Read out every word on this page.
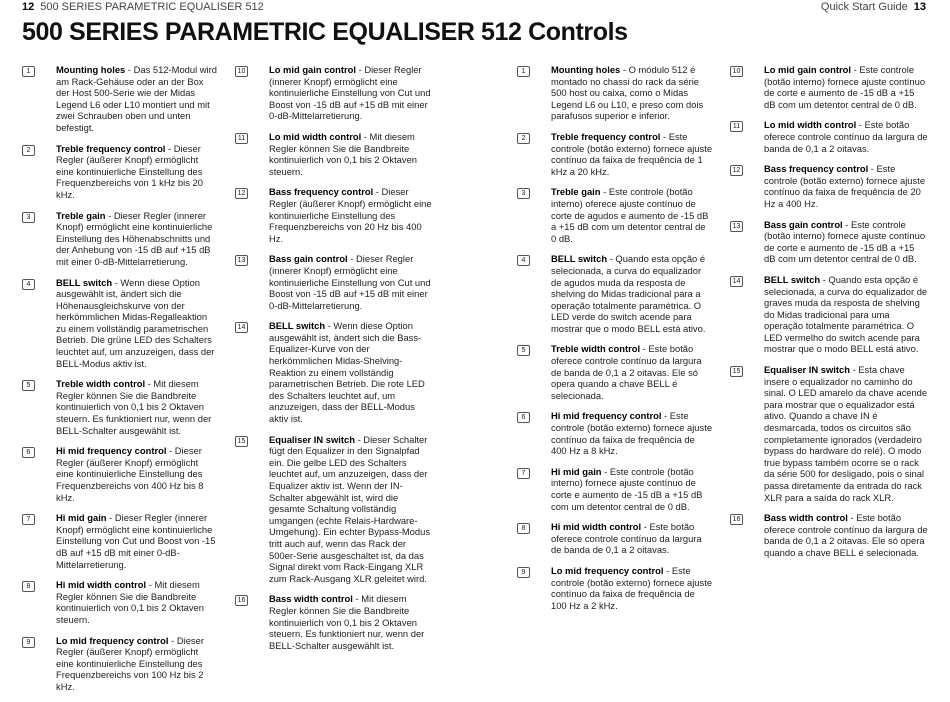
12 500 SERIES PARAMETRIC EQUALISER 512	Quick Start Guide 13
500 SERIES PARAMETRIC EQUALISER 512 Controls
1	Mounting holes - Das 512-Modul wird am Rack-Gehäuse oder an der Box der Host 500-Serie wie der Midas Legend L6 oder L10 montiert und mit zwei Schrauben oben und unten befestigt.
2	Treble frequency control - Dieser Regler (äußerer Knopf) ermöglicht eine kontinuierliche Einstellung des Frequenzbereichs von 1 kHz bis 20 kHz.
3	Treble gain - Dieser Regler (innerer Knopf) ermöglicht eine kontinuierliche Einstellung des Höhenabschnitts und der Anhebung von -15 dB auf +15 dB mit einer 0-dB-Mittelarretierung.
4	BELL switch - Wenn diese Option ausgewählt ist, ändert sich die Höhenausgleichskurve von der herkömmlichen Midas-Regalleaktion zu einem vollständig parametrischen Betrieb. Die grüne LED des Schalters leuchtet auf, um anzuzeigen, dass der BELL-Modus aktiv ist.
5	Treble width control - Mit diesem Regler können Sie die Bandbreite kontinuierlich von 0,1 bis 2 Oktaven steuern. Es funktioniert nur, wenn der BELL-Schalter ausgewählt ist.
6	Hi mid frequency control - Dieser Regler (äußerer Knopf) ermöglicht eine kontinuierliche Einstellung des Frequenzbereichs von 400 Hz bis 8 kHz.
7	Hi mid gain - Dieser Regler (innerer Knopf) ermöglicht eine kontinuierliche Einstellung von Cut und Boost von -15 dB auf +15 dB mit einer 0-dB-Mittelarretierung.
8	Hi mid width control - Mit diesem Regler können Sie die Bandbreite kontinuierlich von 0,1 bis 2 Oktaven steuern.
9	Lo mid frequency control - Dieser Regler (äußerer Knopf) ermöglicht eine kontinuierliche Einstellung des Frequenzbereichs von 100 Hz bis 2 kHz.
10	Lo mid gain control - Dieser Regler (innerer Knopf) ermöglicht eine kontinuierliche Einstellung von Cut und Boost von -15 dB auf +15 dB mit einer 0-dB-Mittelarretierung.
11	Lo mid width control - Mit diesem Regler können Sie die Bandbreite kontinuierlich von 0,1 bis 2 Oktaven steuern.
12	Bass frequency control - Dieser Regler (äußerer Knopf) ermöglicht eine kontinuierliche Einstellung des Frequenzbereichs von 20 Hz bis 400 Hz.
13	Bass gain control - Dieser Regler (innerer Knopf) ermöglicht eine kontinuierliche Einstellung von Cut und Boost von -15 dB auf +15 dB mit einer 0-dB-Mittelarretierung.
14	BELL switch - Wenn diese Option ausgewählt ist, ändert sich die Bass-Equalizer-Kurve von der herkömmlichen Midas-Shelving-Reaktion zu einem vollständig parametrischen Betrieb. Die rote LED des Schalters leuchtet auf, um anzuzeigen, dass der BELL-Modus aktiv ist.
15	Equaliser IN switch - Dieser Schalter fügt den Equalizer in den Signalpfad ein. Die gelbe LED des Schalters leuchtet auf, um anzuzeigen, dass der Equalizer aktiv ist. Wenn der IN-Schalter abgewählt ist, wird die gesamte Schaltung vollständig umgangen (echte Relais-Hardware-Umgehung). Ein echter Bypass-Modus tritt auch auf, wenn das Rack der 500er-Serie ausgeschaltet ist, da das Signal direkt vom Rack-Eingang XLR zum Rack-Ausgang XLR geleitet wird.
16	Bass width control - Mit diesem Regler können Sie die Bandbreite kontinuierlich von 0,1 bis 2 Oktaven steuern. Es funktioniert nur, wenn der BELL-Schalter ausgewählt ist.
1	Mounting holes - O módulo 512 é montado no chassi do rack da série 500 host ou caixa, como o Midas Legend L6 ou L10, e preso com dois parafusos superior e inferior.
2	Treble frequency control - Este controle (botão externo) fornece ajuste contínuo da faixa de frequência de 1 kHz a 20 kHz.
3	Treble gain - Este controle (botão interno) oferece ajuste contínuo de corte de agudos e aumento de -15 dB a +15 dB com um detentor central de 0 dB.
4	BELL switch - Quando esta opção é selecionada, a curva do equalizador de agudos muda da resposta de shelving do Midas tradicional para a operação totalmente paramétrica. O LED verde do switch acende para mostrar que o modo BELL está ativo.
5	Treble width control - Este botão oferece controle contínuo da largura de banda de 0,1 a 2 oitavas. Ele só opera quando a chave BELL é selecionada.
6	Hi mid frequency control - Este controle (botão externo) fornece ajuste contínuo da faixa de frequência de 400 Hz a 8 kHz.
7	Hi mid gain - Este controle (botão interno) fornece ajuste contínuo de corte e aumento de -15 dB a +15 dB com um detentor central de 0 dB.
8	Hi mid width control - Este botão oferece controle contínuo da largura de banda de 0,1 a 2 oitavas.
9	Lo mid frequency control - Este controle (botão externo) fornece ajuste contínuo da faixa de frequência de 100 Hz a 2 kHz.
10	Lo mid gain control - Este controle (botão interno) fornece ajuste contínuo de corte e aumento de -15 dB a +15 dB com um detentor central de 0 dB.
11	Lo mid width control - Este botão oferece controle contínuo da largura de banda de 0,1 a 2 oitavas.
12	Bass frequency control - Este controle (botão externo) fornece ajuste contínuo da faixa de frequência de 20 Hz a 400 Hz.
13	Bass gain control - Este controle (botão interno) fornece ajuste contínuo de corte e aumento de -15 dB a +15 dB com um detentor central de 0 dB.
14	BELL switch - Quando esta opção é selecionada, a curva do equalizador de graves muda da resposta de shelving do Midas tradicional para uma operação totalmente paramétrica. O LED vermelho do switch acende para mostrar que o modo BELL está ativo.
15	Equaliser IN switch - Esta chave insere o equalizador no caminho do sinal. O LED amarelo da chave acende para mostrar que o equalizador está ativo. Quando a chave IN é desmarcada, todos os circuitos são completamente ignorados (verdadeiro bypass do hardware do relé). O modo true bypass também ocorre se o rack da série 500 for desligado, pois o sinal passa diretamente da entrada do rack XLR para a saída do rack XLR.
16	Bass width control - Este botão oferece controle contínuo da largura de banda de 0,1 a 2 oitavas. Ele só opera quando a chave BELL é selecionada.
